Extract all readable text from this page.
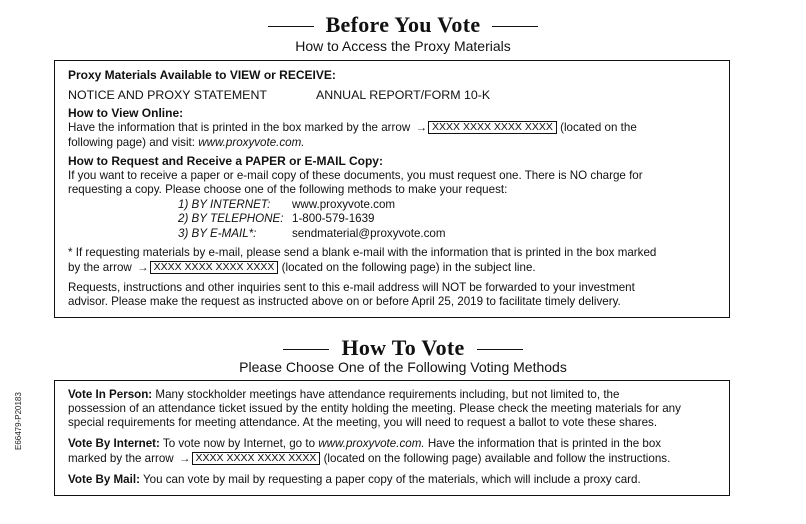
Before You Vote
How to Access the Proxy Materials
Proxy Materials Available to VIEW or RECEIVE:
NOTICE AND PROXY STATEMENT	ANNUAL REPORT/FORM 10-K
How to View Online:
Have the information that is printed in the box marked by the arrow → XXXX XXXX XXXX XXXX (located on the
following page) and visit: www.proxyvote.com.
How to Request and Receive a PAPER or E-MAIL Copy:
If you want to receive a paper or e-mail copy of these documents, you must request one. There is NO charge for
requesting a copy. Please choose one of the following methods to make your request:
1) BY INTERNET: www.proxyvote.com
2) BY TELEPHONE: 1-800-579-1639
3) BY E-MAIL*:	sendmaterial@proxyvote.com
* If requesting materials by e-mail, please send a blank e-mail with the information that is printed in the box marked
by the arrow → XXXX XXXX XXXX XXXX (located on the following page) in the subject line.
Requests, instructions and other inquiries sent to this e-mail address will NOT be forwarded to your investment
advisor. Please make the request as instructed above on or before April 25, 2019 to facilitate timely delivery.
How To Vote
Please Choose One of the Following Voting Methods
Vote In Person: Many stockholder meetings have attendance requirements including, but not limited to, the
possession of an attendance ticket issued by the entity holding the meeting. Please check the meeting materials for any
special requirements for meeting attendance. At the meeting, you will need to request a ballot to vote these shares.
Vote By Internet: To vote now by Internet, go to www.proxyvote.com. Have the information that is printed in the box
marked by the arrow → XXXX XXXX XXXX XXXX (located on the following page) available and follow the instructions.
Vote By Mail: You can vote by mail by requesting a paper copy of the materials, which will include a proxy card.
E66479-P20183
